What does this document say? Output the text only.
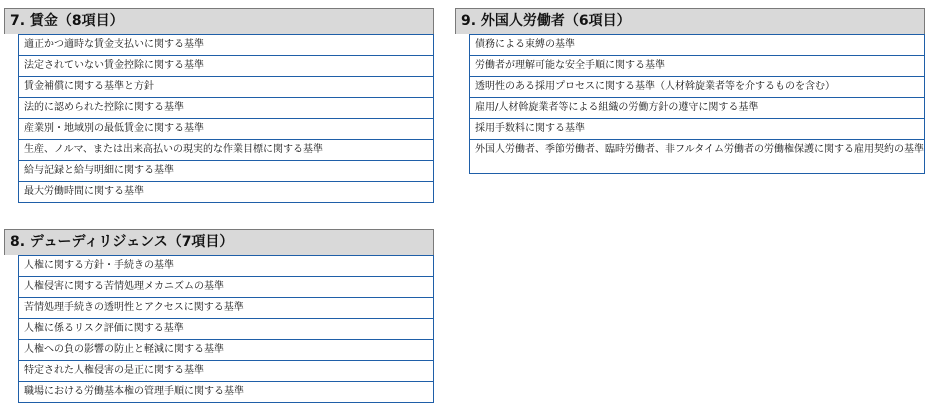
7. 賃金（8項目）
適正かつ適時な賃金支払いに関する基準
法定されていない賃金控除に関する基準
賃金補償に関する基準と方針
法的に認められた控除に関する基準
産業別・地域別の最低賃金に関する基準
生産、ノルマ、または出来高払いの現実的な作業目標に関する基準
給与記録と給与明細に関する基準
最大労働時間に関する基準
9. 外国人労働者（6項目）
債務による束縛の基準
労働者が理解可能な安全手順に関する基準
透明性のある採用プロセスに関する基準（人材斡旋業者等を介するものを含む）
雇用/人材斡旋業者等による組織の労働方針の遵守に関する基準
採用手数料に関する基準
外国人労働者、季節労働者、臨時労働者、非フルタイム労働者の労働権保護に関する雇用契約の基準
8. デューディリジェンス（7項目）
人権に関する方針・手続きの基準
人権侵害に関する苦情処理メカニズムの基準
苦情処理手続きの透明性とアクセスに関する基準
人権に係るリスク評価に関する基準
人権への負の影響の防止と軽減に関する基準
特定された人権侵害の是正に関する基準
職場における労働基本権の管理手順に関する基準
